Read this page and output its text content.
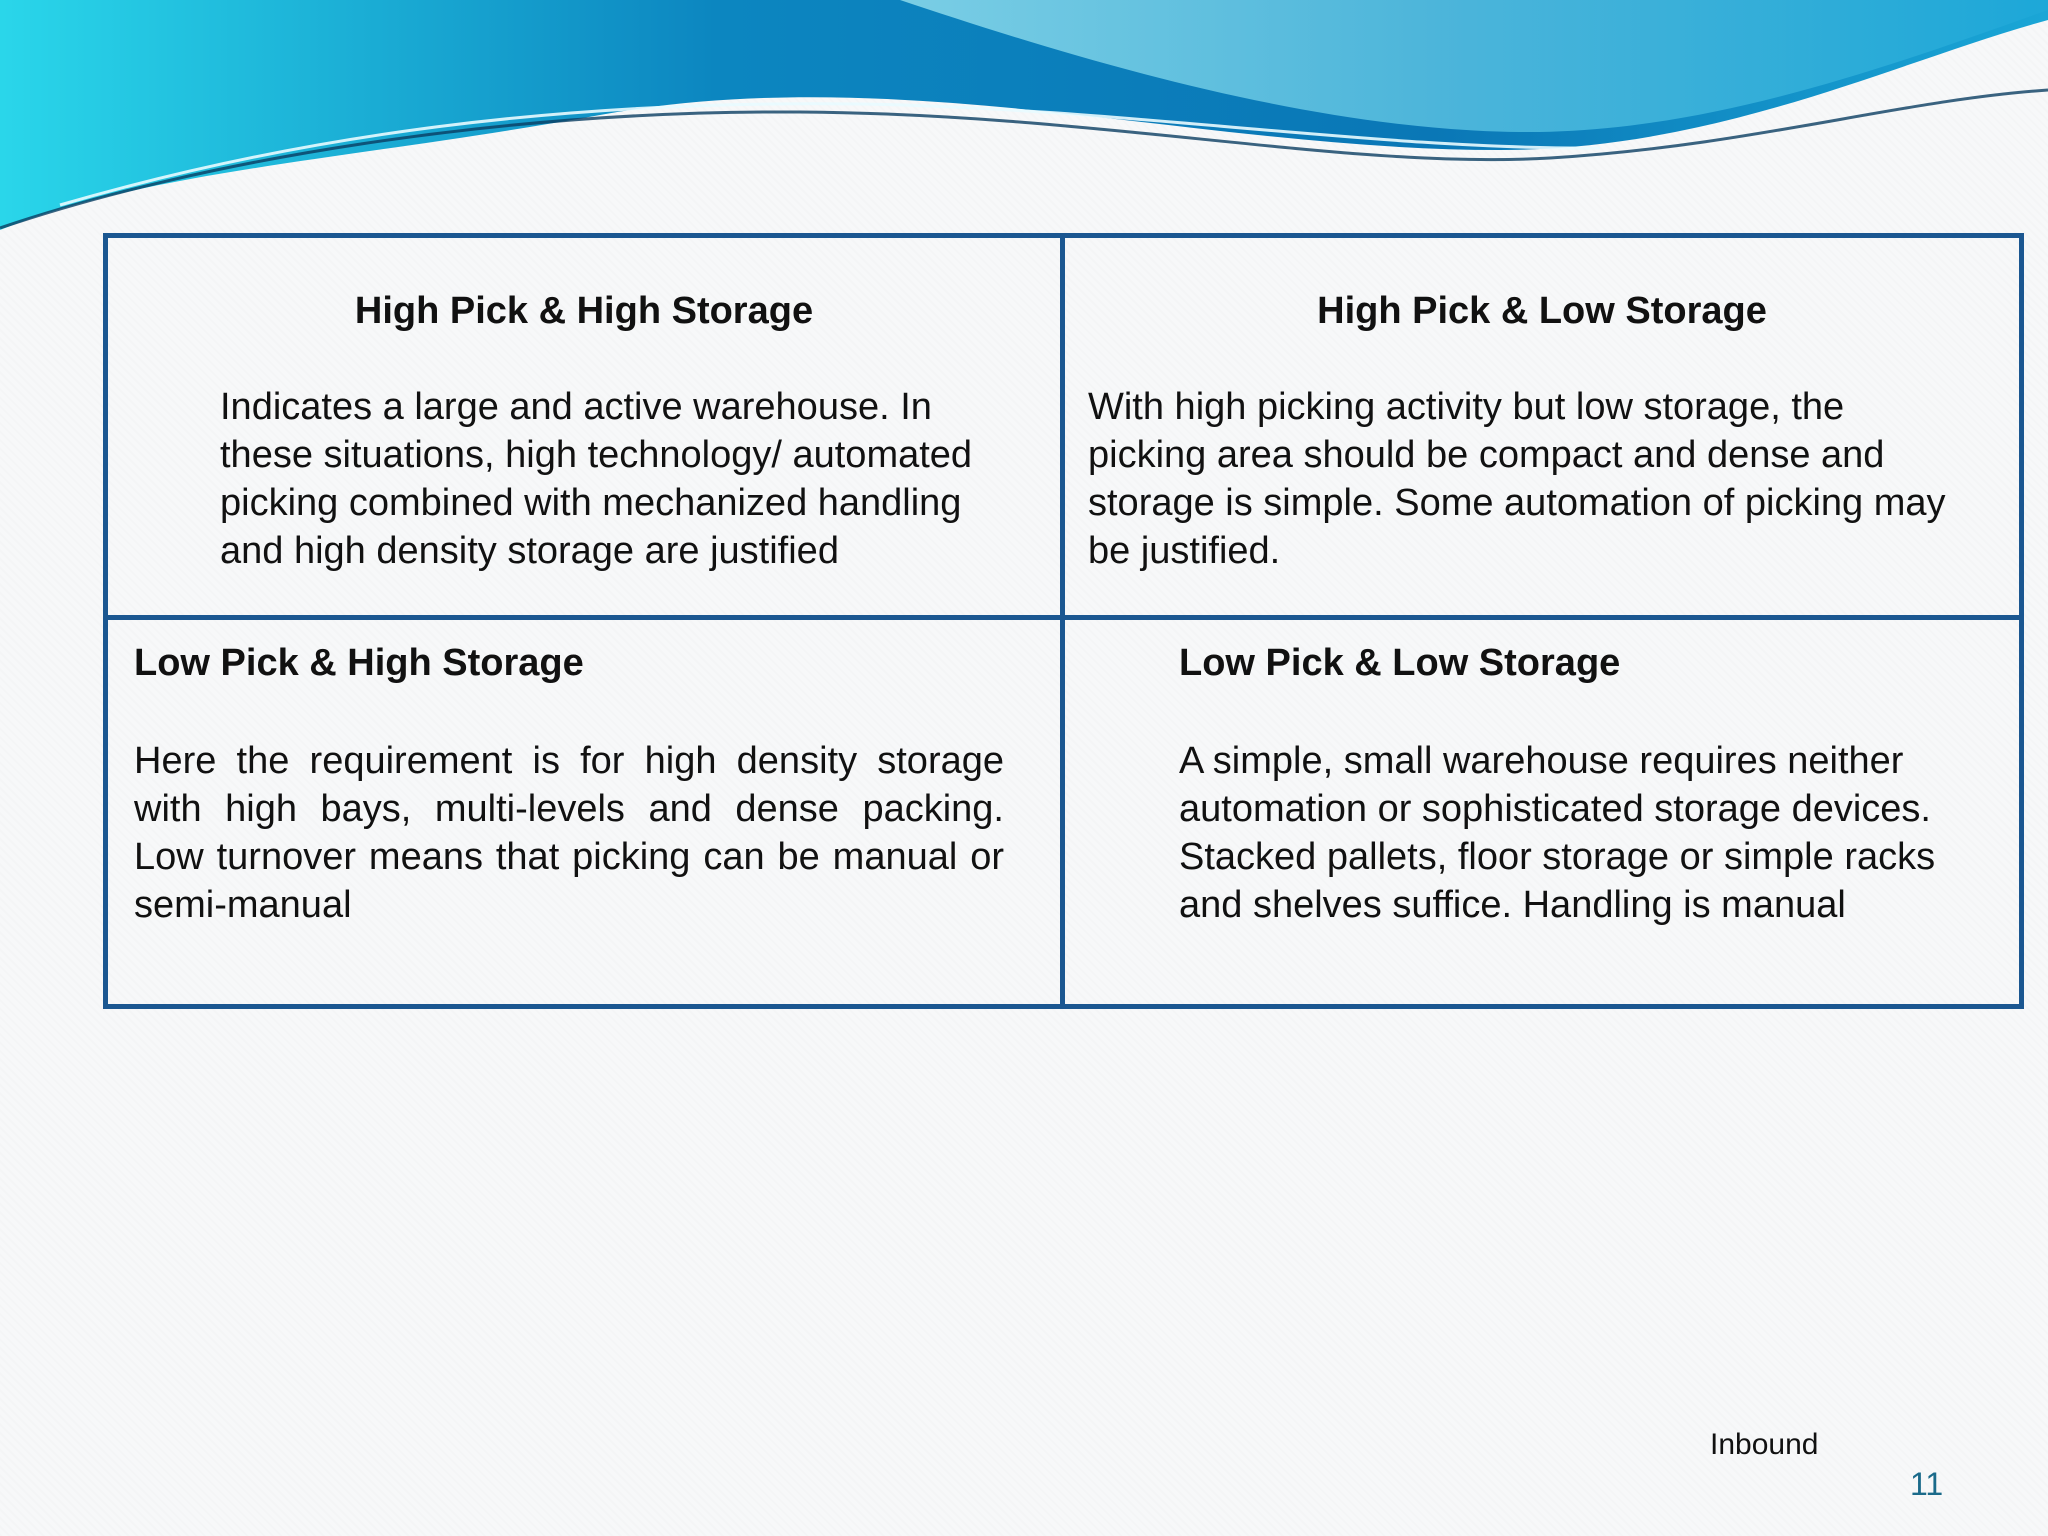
High Pick & High Storage

Indicates a large and active warehouse. In these situations, high technology/ automated picking combined with mechanized handling and high density storage are justified

High Pick & Low Storage

With high picking activity but low storage, the picking area should be compact and dense and storage is simple. Some automation of picking may be justified.

Low Pick & High Storage

Here the requirement is for high density storage with high bays, multi-levels and dense packing. Low turnover means that picking can be manual or semi-manual

Low Pick & Low Storage

A simple, small warehouse requires neither automation or sophisticated storage devices. Stacked pallets, floor storage or simple racks and shelves suffice. Handling is manual

Inbound
11
